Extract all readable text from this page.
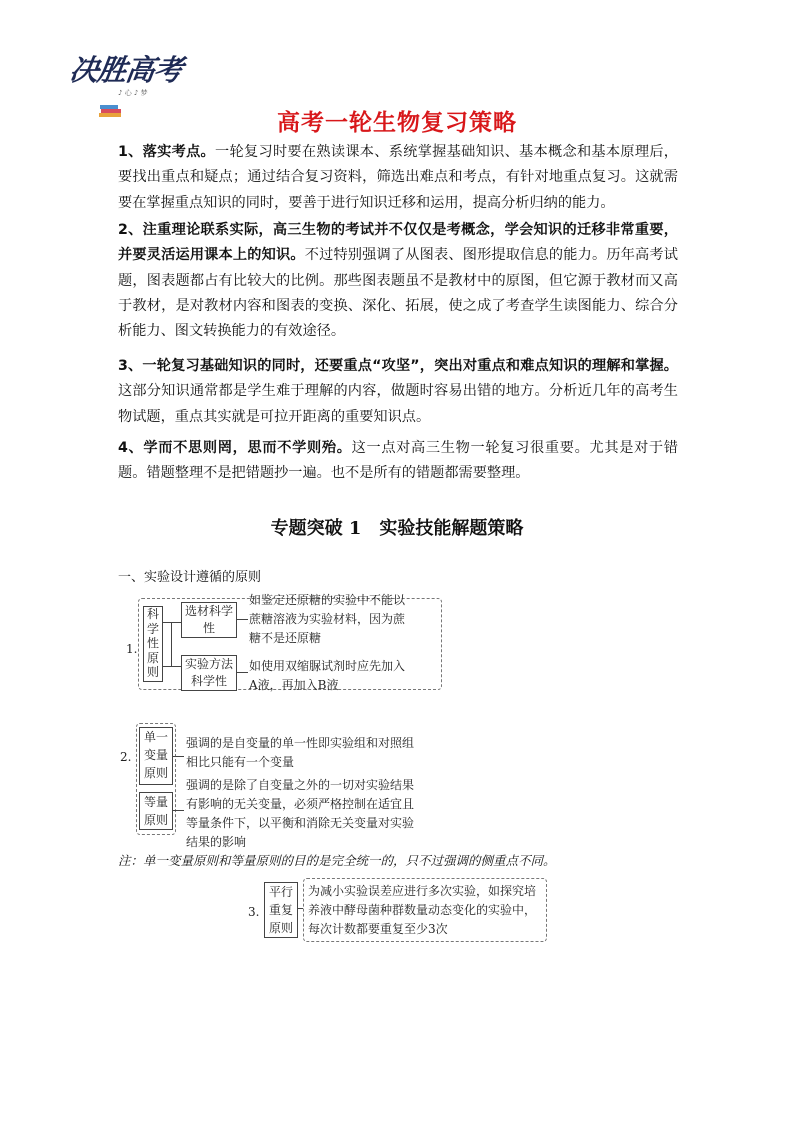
决胜高考
♪ 心 ♪ 梦
高考一轮生物复习策略

1、落实考点。一轮复习时要在熟读课本、系统掌握基础知识、基本概念和基本原理后，要找出重点和疑点；通过结合复习资料，筛选出难点和考点，有针对地重点复习。这就需要在掌握重点知识的同时，要善于进行知识迁移和运用，提高分析归纳的能力。

2、注重理论联系实际，高三生物的考试并不仅仅是考概念，学会知识的迁移非常重要，并要灵活运用课本上的知识。不过特别强调了从图表、图形提取信息的能力。历年高考试题，图表题都占有比较大的比例。那些图表题虽不是教材中的原图，但它源于教材而又高于教材，是对教材内容和图表的变换、深化、拓展，使之成了考查学生读图能力、综合分析能力、图文转换能力的有效途径。

3、一轮复习基础知识的同时，还要重点“攻坚”，突出对重点和难点知识的理解和掌握。这部分知识通常都是学生难于理解的内容，做题时容易出错的地方。分析近几年的高考生物试题，重点其实就是可拉开距离的重要知识点。

4、学而不思则罔，思而不学则殆。这一点对高三生物一轮复习很重要。尤其是对于错题。错题整理不是把错题抄一遍。也不是所有的错题都需要整理。

专题突破 1　实验技能解题策略
一、实验设计遵循的原则
1.
科学性原则
选材科学性
如鉴定还原糖的实验中不能以蔗糖溶液为实验材料，因为蔗糖不是还原糖
实验方法科学性
如使用双缩脲试剂时应先加入A液，再加入B液
2.
单一变量原则
强调的是自变量的单一性即实验组和对照组相比只能有一个变量
等量原则
强调的是除了自变量之外的一切对实验结果有影响的无关变量，必须严格控制在适宜且等量条件下，以平衡和消除无关变量对实验结果的影响
注：单一变量原则和等量原则的目的是完全统一的，只不过强调的侧重点不同。
3.
平行重复原则
为减小实验误差应进行多次实验，如探究培养液中酵母菌种群数量动态变化的实验中，每次计数都要重复至少3次
